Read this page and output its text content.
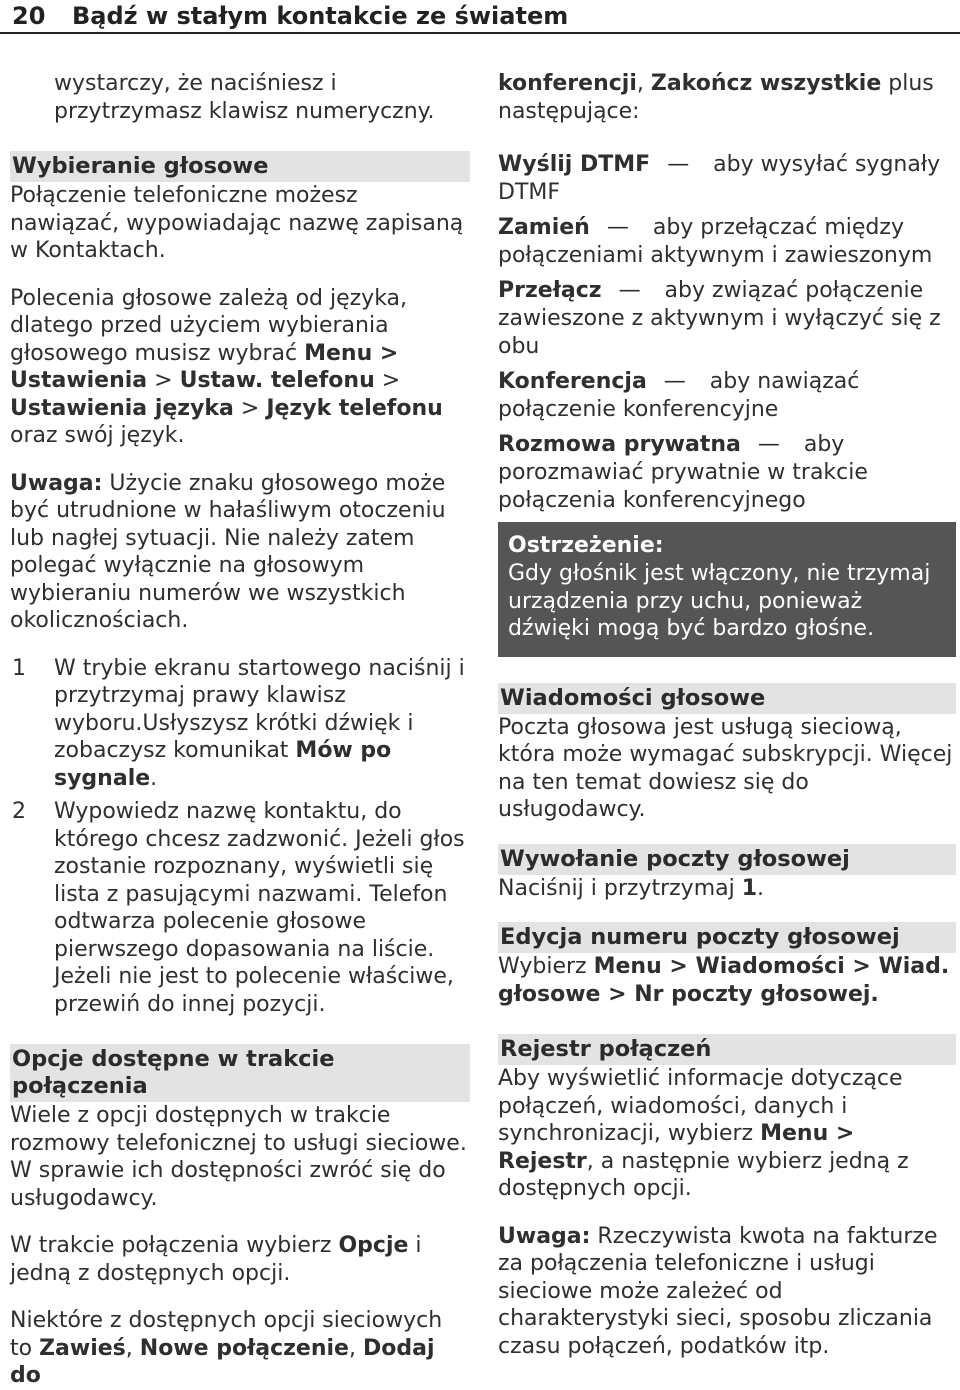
20 Bądź w stałym kontakcie ze światem

wystarczy, że naciśniesz i przytrzymasz klawisz numeryczny.

Wybieranie głosowe

Połączenie telefoniczne możesz nawiązać, wypowiadając nazwę zapisaną w Kontaktach.

Polecenia głosowe zależą od języka, dlatego przed użyciem wybierania głosowego musisz wybrać Menu > Ustawienia > Ustaw. telefonu > Ustawienia języka > Język telefonu oraz swój język.

Uwaga: Użycie znaku głosowego może być utrudnione w hałaśliwym otoczeniu lub nagłej sytuacji. Nie należy zatem polegać wyłącznie na głosowym wybieraniu numerów we wszystkich okolicznościach.

1 W trybie ekranu startowego naciśnij i przytrzymaj prawy klawisz wyboru.Usłyszysz krótki dźwięk i zobaczysz komunikat Mów po sygnale.
2 Wypowiedz nazwę kontaktu, do którego chcesz zadzwonić. Jeżeli głos zostanie rozpoznany, wyświetli się lista z pasującymi nazwami. Telefon odtwarza polecenie głosowe pierwszego dopasowania na liście. Jeżeli nie jest to polecenie właściwe, przewiń do innej pozycji.
Opcje dostępne w trakcie połączenia

Wiele z opcji dostępnych w trakcie rozmowy telefonicznej to usługi sieciowe. W sprawie ich dostępności zwróć się do usługodawcy.

W trakcie połączenia wybierz Opcje i jedną z dostępnych opcji.

Niektóre z dostępnych opcji sieciowych to Zawieś, Nowe połączenie, Dodaj do

konferencji, Zakończ wszystkie plus następujące:

Wyślij DTMF — aby wysyłać sygnały DTMF
Zamień — aby przełączać między połączeniami aktywnym i zawieszonym
Przełącz — aby związać połączenie zawieszone z aktywnym i wyłączyć się z obu
Konferencja — aby nawiązać połączenie konferencyjne
Rozmowa prywatna — aby porozmawiać prywatnie w trakcie połączenia konferencyjnego
Ostrzeżenie:
Gdy głośnik jest włączony, nie trzymaj urządzenia przy uchu, ponieważ dźwięki mogą być bardzo głośne.
Wiadomości głosowe

Poczta głosowa jest usługą sieciową, która może wymagać subskrypcji. Więcej na ten temat dowiesz się do usługodawcy.

Wywołanie poczty głosowej

Naciśnij i przytrzymaj 1.

Edycja numeru poczty głosowej

Wybierz Menu > Wiadomości > Wiad. głosowe > Nr poczty głosowej.

Rejestr połączeń

Aby wyświetlić informacje dotyczące połączeń, wiadomości, danych i synchronizacji, wybierz Menu > Rejestr, a następnie wybierz jedną z dostępnych opcji.

Uwaga: Rzeczywista kwota na fakturze za połączenia telefoniczne i usługi sieciowe może zależeć od charakterystyki sieci, sposobu zliczania czasu połączeń, podatków itp.
